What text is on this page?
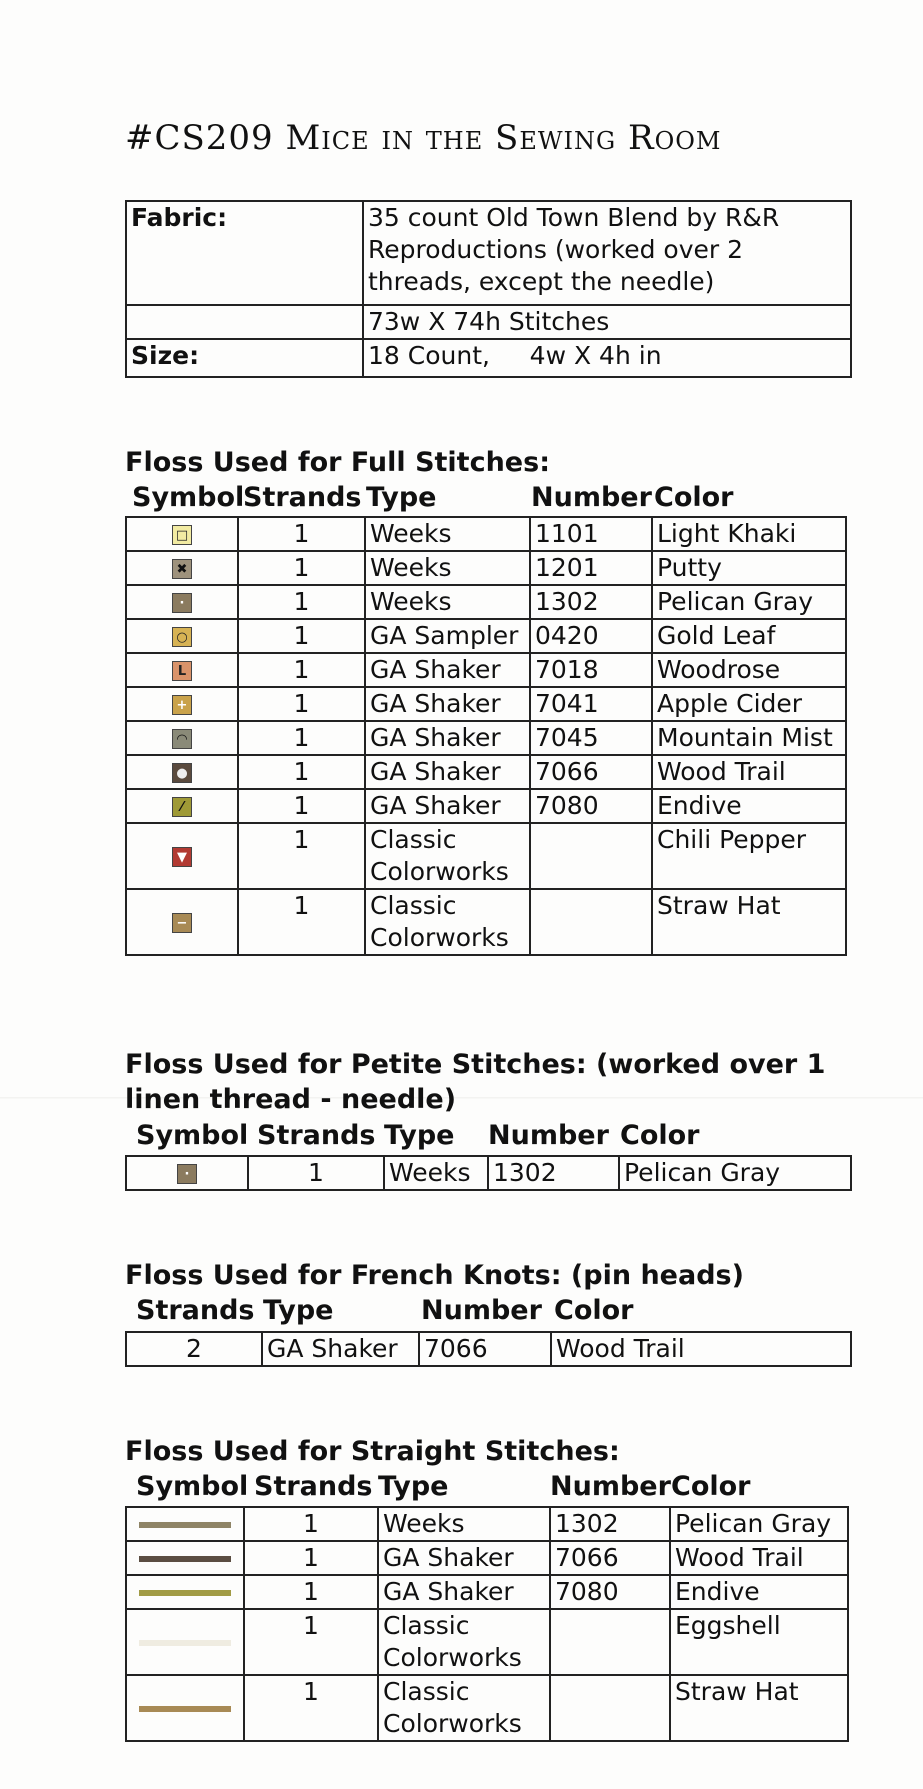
#CS209 Mice in the Sewing Room
Fabric:	35 count Old Town Blend by R&R Reproductions (worked over 2 threads, except the needle)
	73w X 74h Stitches
Size:	18 Count,     4w X 4h in
Floss Used for Full Stitches:
Symbol
Strands Type	Number Color
□	1	Weeks	1101	Light Khaki

✖	1	Weeks	1201	Putty

·	1	Weeks	1302	Pelican Gray

○	1	GA Sampler	0420	Gold Leaf

L	1	GA Shaker	7018	Woodrose

+	1	GA Shaker	7041	Apple Cider

◠	1	GA Shaker	7045	Mountain Mist

●	1	GA Shaker	7066	Wood Trail

⁄	1	GA Shaker	7080	Endive

▼	1	Classic Colorworks		Chili Pepper

−	1	Classic Colorworks		Straw Hat
Floss Used for Petite Stitches: (worked over 1
linen thread - needle)
Symbol Strands Type Number Color
·	1	Weeks	1302	Pelican Gray
Floss Used for French Knots: (pin heads)
Strands Type	Number Color
2	GA Shaker	7066	Wood Trail
Floss Used for Straight Stitches:
Symbol Strands Type	Number Color
	1	Weeks	1302	Pelican Gray
	1	GA Shaker	7066	Wood Trail
	1	GA Shaker	7080	Endive
	1	Classic Colorworks		Eggshell
	1	Classic Colorworks		Straw Hat
